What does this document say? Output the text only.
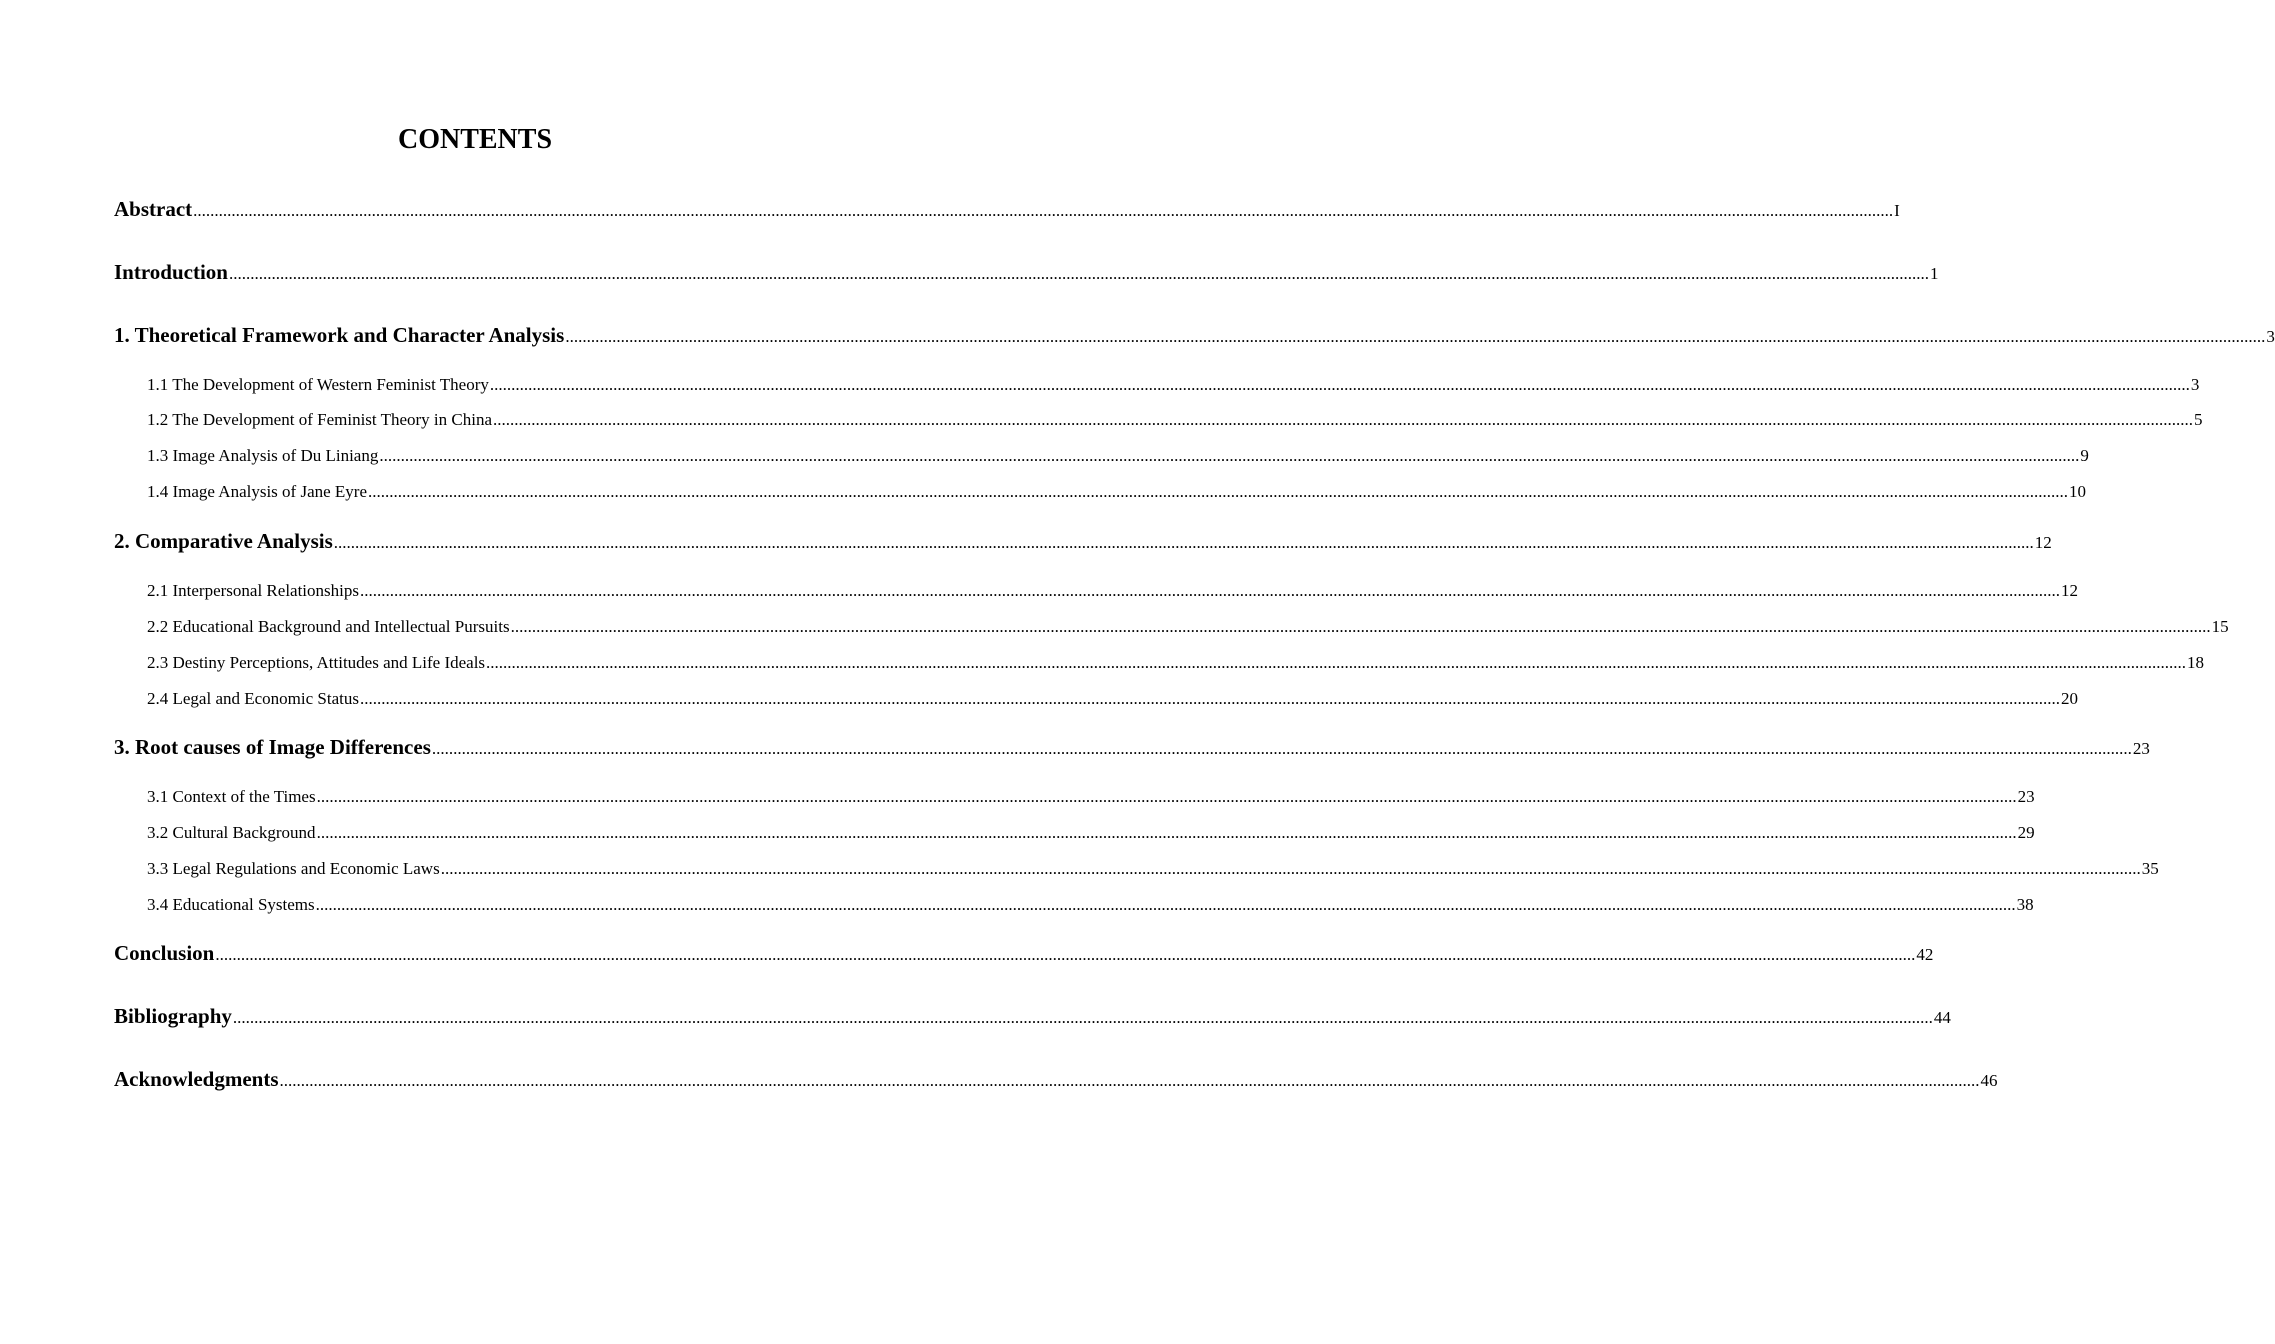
CONTENTS
Abstract ................................................................................................................................................................................................................................................................................................................................................................................................................ I
Introduction ................................................................................................................................................................................................................................................................................................................................................................................................................ 1
1. Theoretical Framework and Character Analysis ................................................................................................................................................................................................................................................................................................................................................................................................................ 3
1.1 The Development of Western Feminist Theory ................................................................................................................................................................................................................................................................................................................................................................................................................ 3
1.2 The Development of Feminist Theory in China ................................................................................................................................................................................................................................................................................................................................................................................................................ 5
1.3 Image Analysis of Du Liniang ................................................................................................................................................................................................................................................................................................................................................................................................................ 9
1.4 Image Analysis of Jane Eyre ................................................................................................................................................................................................................................................................................................................................................................................................................ 10
2. Comparative Analysis ................................................................................................................................................................................................................................................................................................................................................................................................................ 12
2.1 Interpersonal Relationships ................................................................................................................................................................................................................................................................................................................................................................................................................ 12
2.2 Educational Background and Intellectual Pursuits ................................................................................................................................................................................................................................................................................................................................................................................................................ 15
2.3 Destiny Perceptions, Attitudes and Life Ideals ................................................................................................................................................................................................................................................................................................................................................................................................................ 18
2.4 Legal and Economic Status ................................................................................................................................................................................................................................................................................................................................................................................................................ 20
3. Root causes of Image Differences ................................................................................................................................................................................................................................................................................................................................................................................................................ 23
3.1 Context of the Times ................................................................................................................................................................................................................................................................................................................................................................................................................ 23
3.2 Cultural Background ................................................................................................................................................................................................................................................................................................................................................................................................................ 29
3.3 Legal Regulations and Economic Laws ................................................................................................................................................................................................................................................................................................................................................................................................................ 35
3.4 Educational Systems ................................................................................................................................................................................................................................................................................................................................................................................................................ 38
Conclusion ................................................................................................................................................................................................................................................................................................................................................................................................................ 42
Bibliography ................................................................................................................................................................................................................................................................................................................................................................................................................ 44
Acknowledgments ................................................................................................................................................................................................................................................................................................................................................................................................................ 46
